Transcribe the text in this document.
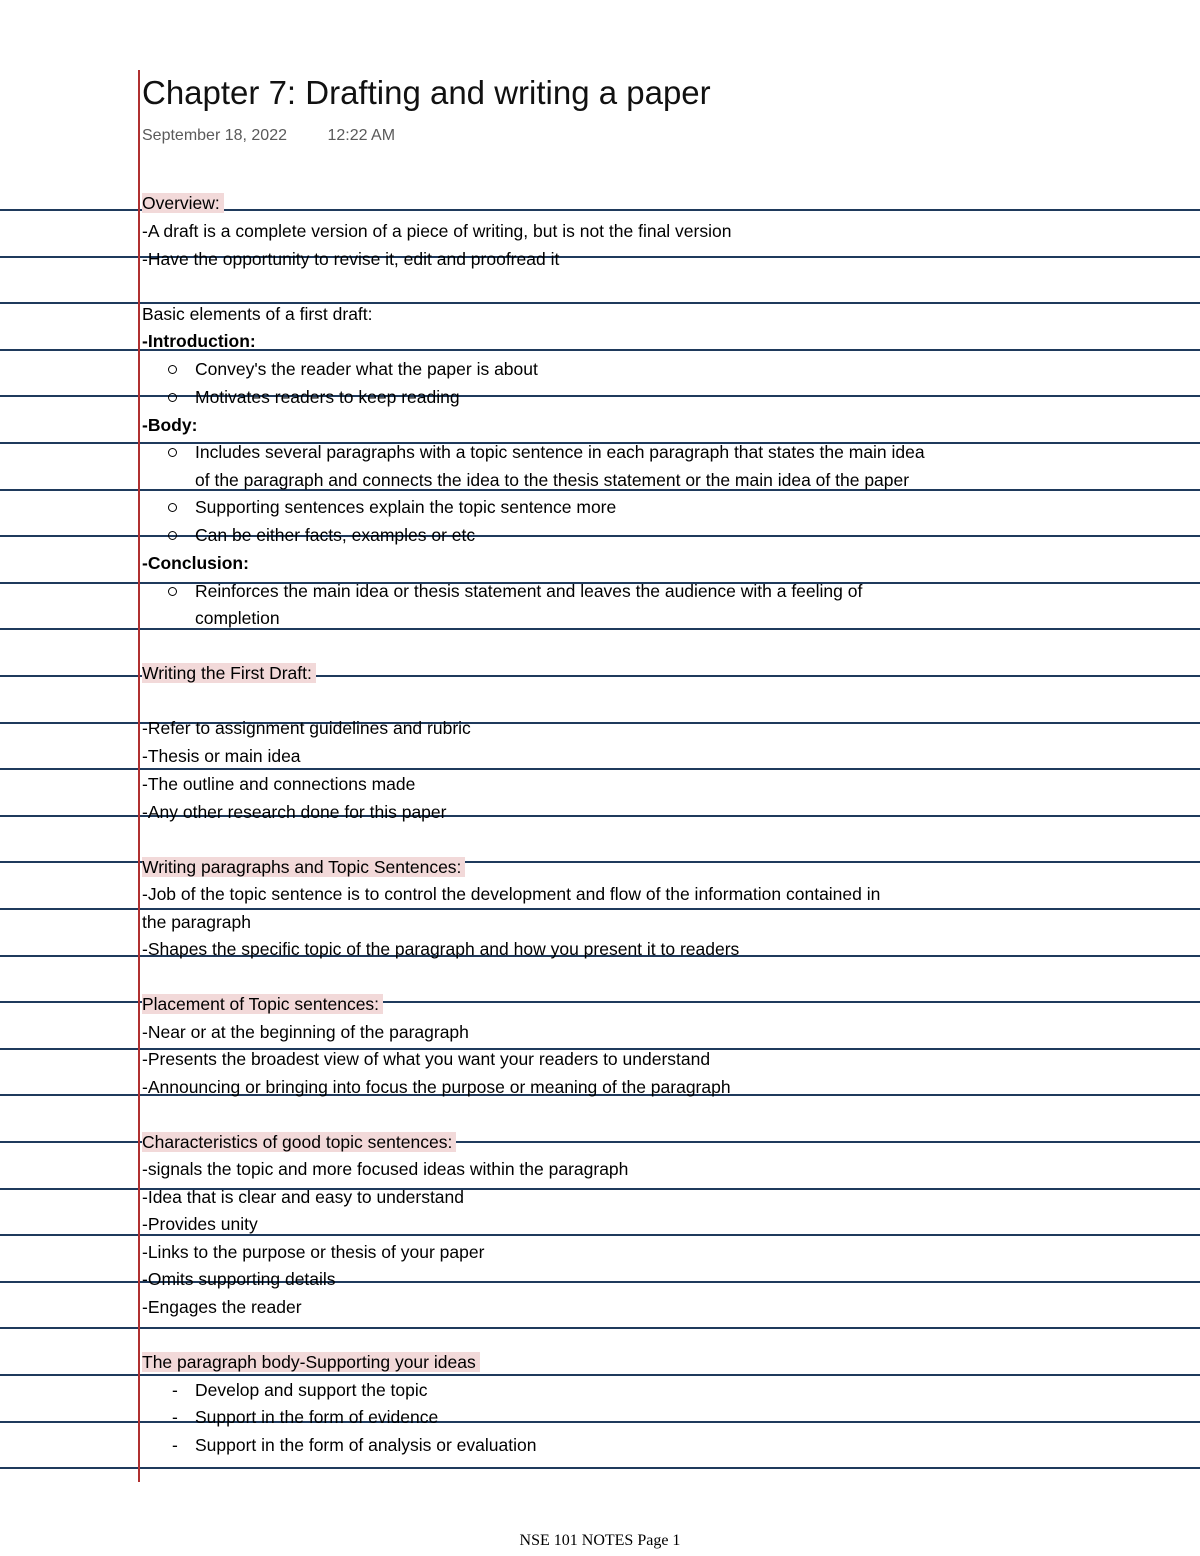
Chapter 7: Drafting and writing a paper
September 18, 2022	12:22 AM
Overview:
-A draft is a complete version of a piece of writing, but is not the final version
-Have the opportunity to revise it, edit and proofread it
Basic elements of a first draft:
-Introduction:
Convey's the reader what the paper is about
Motivates readers to keep reading
-Body:
Includes several paragraphs with a topic sentence in each paragraph that states the main idea
of the paragraph and connects the idea to the thesis statement or the main idea of the paper
Supporting sentences explain the topic sentence more
Can be either facts, examples or etc
-Conclusion:
Reinforces the main idea or thesis statement and leaves the audience with a feeling of
completion
Writing the First Draft:
-Refer to assignment guidelines and rubric
-Thesis or main idea
-The outline and connections made
-Any other research done for this paper
Writing paragraphs and Topic Sentences:
-Job of the topic sentence is to control the development and flow of the information contained in
the paragraph
-Shapes the specific topic of the paragraph and how you present it to readers
Placement of Topic sentences:
-Near or at the beginning of the paragraph
-Presents the broadest view of what you want your readers to understand
-Announcing or bringing into focus the purpose or meaning of the paragraph
Characteristics of good topic sentences:
-signals the topic and more focused ideas within the paragraph
-Idea that is clear and easy to understand
-Provides unity
-Links to the purpose or thesis of your paper
-Omits supporting details
-Engages the reader
The paragraph body-Supporting your ideas
- Develop and support the topic
- Support in the form of evidence
- Support in the form of analysis or evaluation
NSE 101 NOTES Page 1
